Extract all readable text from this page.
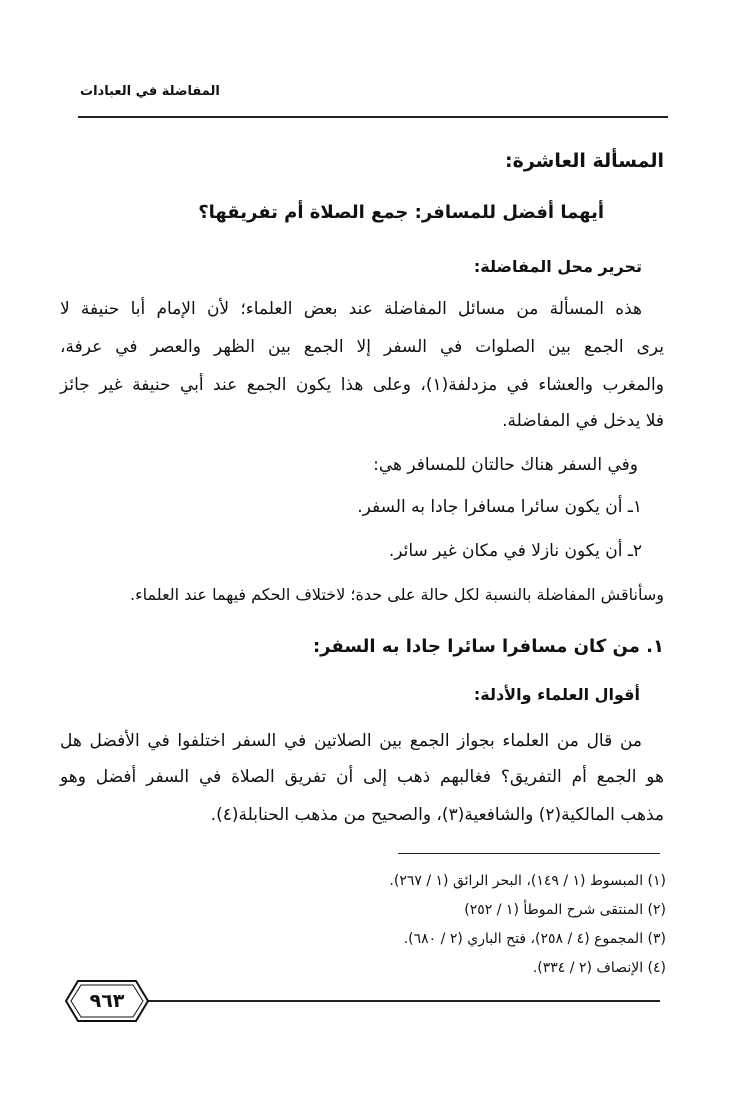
المفاضلة في العبادات
المسألة العاشرة:
أيهما أفضل للمسافر: جمع الصلاة أم تفريقها؟
تحرير محل المفاضلة:
هذه المسألة من مسائل المفاضلة عند بعض العلماء؛ لأن الإمام أبا حنيفة لا
يرى الجمع بين الصلوات في السفر إلا الجمع بين الظهر والعصر في عرفة،
والمغرب والعشاء في مزدلفة(١)، وعلى هذا يكون الجمع عند أبي حنيفة غير جائز
فلا يدخل في المفاضلة.
وفي السفر هناك حالتان للمسافر هي:
١ـ أن يكون سائرا مسافرا جادا به السفر.
٢ـ أن يكون نازلا في مكان غير سائر.
وسأناقش المفاضلة بالنسبة لكل حالة على حدة؛ لاختلاف الحكم فيهما عند العلماء.
١. من كان مسافرا سائرا جادا به السفر:
أقوال العلماء والأدلة:
من قال من العلماء بجواز الجمع بين الصلاتين في السفر اختلفوا في الأفضل هل
هو الجمع أم التفريق؟ فغالبهم ذهب إلى أن تفريق الصلاة في السفر أفضل وهو
مذهب المالكية(٢) والشافعية(٣)، والصحيح من مذهب الحنابلة(٤).
(١) المبسوط (١ / ١٤٩)، البحر الرائق (١ / ٢٦٧).
(٢) المنتقى شرح الموطأ (١ / ٢٥٢)
(٣) المجموع (٤ / ٢٥٨)، فتح الباري (٢ / ٦٨٠).
(٤) الإنصاف (٢ / ٣٣٤).
٩٦٣
